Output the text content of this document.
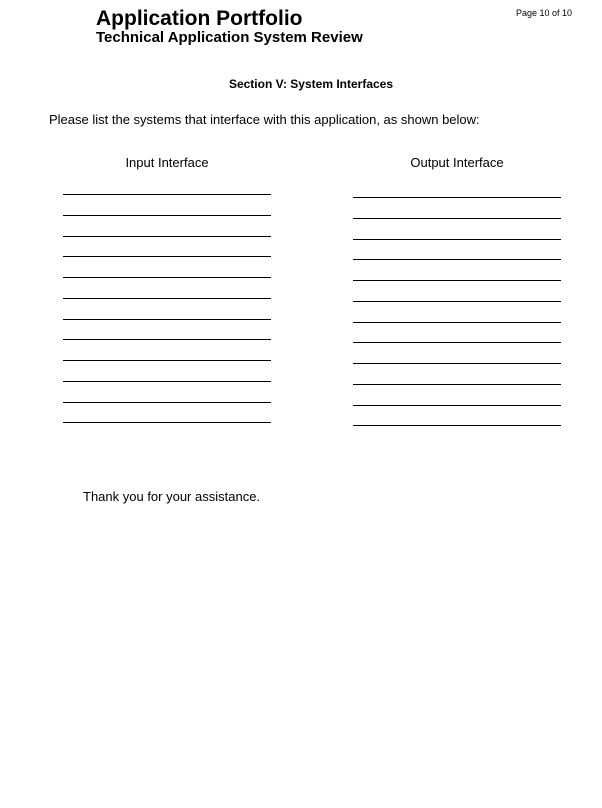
Application Portfolio
Technical Application System Review
Page 10 of 10
Section V: System Interfaces
Please list the systems that interface with this application, as shown below:
Input Interface	Output Interface
Thank you for your assistance.
